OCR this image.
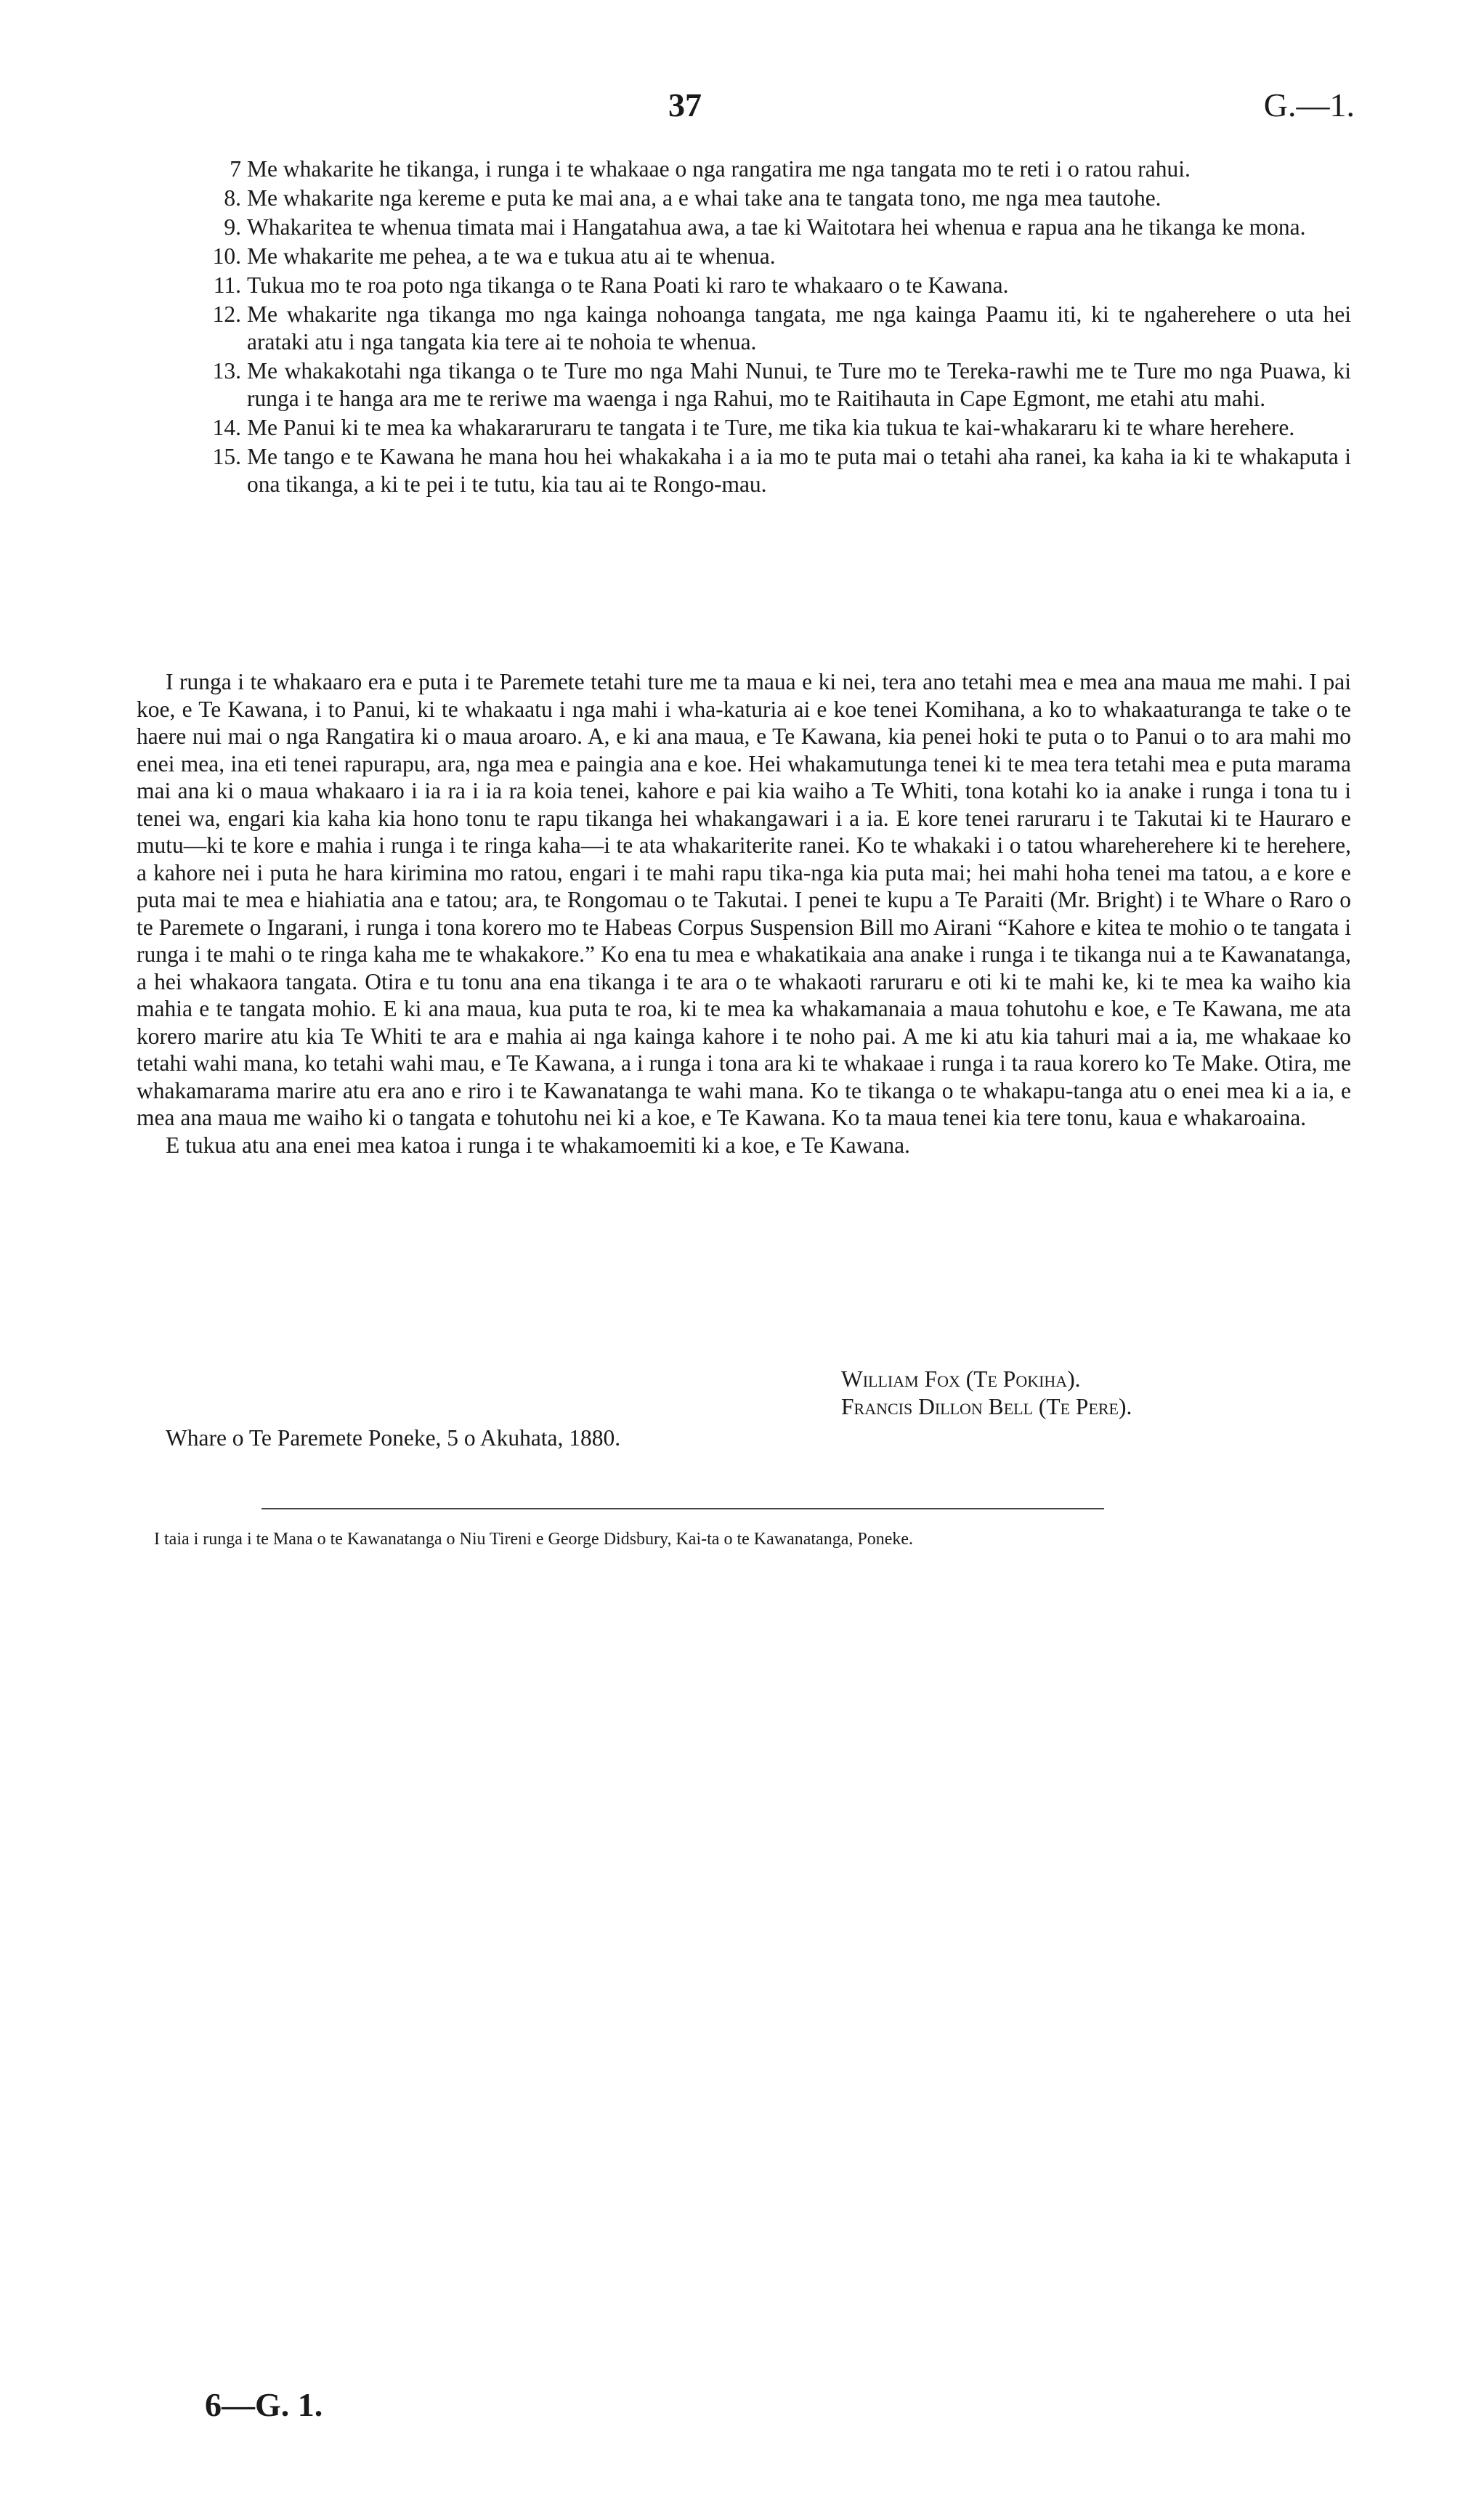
37	G.—1.
7 Me whakarite he tikanga, i runga i te whakaae o nga rangatira me nga tangata mo te reti i o ratou rahui.
8. Me whakarite nga kereme e puta ke mai ana, a e whai take ana te tangata tono, me nga mea tautohe.
9. Whakaritea te whenua timata mai i Hangatahua awa, a tae ki Waitotara hei whenua e rapua ana he tikanga ke mona.
10. Me whakarite me pehea, a te wa e tukua atu ai te whenua.
11. Tukua mo te roa poto nga tikanga o te Rana Poati ki raro te whakaaro o te Kawana.
12. Me whakarite nga tikanga mo nga kainga nohoanga tangata, me nga kainga Paamu iti, ki te ngaherehere o uta hei arataki atu i nga tangata kia tere ai te nohoia te whenua.
13. Me whakakotahi nga tikanga o te Ture mo nga Mahi Nunui, te Ture mo te Tereka-rawhi me te Ture mo nga Puawa, ki runga i te hanga ara me te reriwe ma waenga i nga Rahui, mo te Raitihauta in Cape Egmont, me etahi atu mahi.
14. Me Panui ki te mea ka whakararuraru te tangata i te Ture, me tika kia tukua te kai-whakararu ki te whare herehere.
15. Me tango e te Kawana he mana hou hei whakakaha i a ia mo te puta mai o tetahi aha ranei, ka kaha ia ki te whakaputa i ona tikanga, a ki te pei i te tutu, kia tau ai te Rongo-mau.

I runga i te whakaaro era e puta i te Paremete tetahi ture me ta maua e ki nei, tera ano tetahi mea e mea ana maua me mahi. I pai koe, e Te Kawana, i to Panui, ki te whakaatu i nga mahi i wha-katuria ai e koe tenei Komihana, a ko to whakaaturanga te take o te haere nui mai o nga Rangatira ki o maua aroaro. A, e ki ana maua, e Te Kawana, kia penei hoki te puta o to Panui o to ara mahi mo enei mea, ina eti tenei rapurapu, ara, nga mea e paingia ana e koe. Hei whakamutunga tenei ki te mea tera tetahi mea e puta marama mai ana ki o maua whakaaro i ia ra i ia ra koia tenei, kahore e pai kia waiho a Te Whiti, tona kotahi ko ia anake i runga i tona tu i tenei wa, engari kia kaha kia hono tonu te rapu tikanga hei whakangawari i a ia. E kore tenei raruraru i te Takutai ki te Hauraro e mutu—ki te kore e mahia i runga i te ringa kaha—i te ata whakariterite ranei. Ko te whakaki i o tatou whareherehere ki te herehere, a kahore nei i puta he hara kirimina mo ratou, engari i te mahi rapu tika-nga kia puta mai; hei mahi hoha tenei ma tatou, a e kore e puta mai te mea e hiahiatia ana e tatou; ara, te Rongomau o te Takutai. I penei te kupu a Te Paraiti (Mr. Bright) i te Whare o Raro o te Paremete o Ingarani, i runga i tona korero mo te Habeas Corpus Suspension Bill mo Airani “Kahore e kitea te mohio o te tangata i runga i te mahi o te ringa kaha me te whakakore.” Ko ena tu mea e whakatikaia ana anake i runga i te tikanga nui a te Kawanatanga, a hei whakaora tangata. Otira e tu tonu ana ena tikanga i te ara o te whakaoti raruraru e oti ki te mahi ke, ki te mea ka waiho kia mahia e te tangata mohio. E ki ana maua, kua puta te roa, ki te mea ka whakamanaia a maua tohutohu e koe, e Te Kawana, me ata korero marire atu kia Te Whiti te ara e mahia ai nga kainga kahore i te noho pai. A me ki atu kia tahuri mai a ia, me whakaae ko tetahi wahi mana, ko tetahi wahi mau, e Te Kawana, a i runga i tona ara ki te whakaae i runga i ta raua korero ko Te Make. Otira, me whakamarama marire atu era ano e riro i te Kawanatanga te wahi mana. Ko te tikanga o te whakapu-tanga atu o enei mea ki a ia, e mea ana maua me waiho ki o tangata e tohutohu nei ki a koe, e Te Kawana. Ko ta maua tenei kia tere tonu, kaua e whakaroaina.

E tukua atu ana enei mea katoa i runga i te whakamoemiti ki a koe, e Te Kawana.

William Fox (Te Pokiha).

Francis Dillon Bell (Te Pere).

Whare o Te Paremete Poneke, 5 o Akuhata, 1880.
I taia i runga i te Mana o te Kawanatanga o Niu Tireni e George Didsbury, Kai-ta o te Kawanatanga, Poneke.
6—G. 1.
